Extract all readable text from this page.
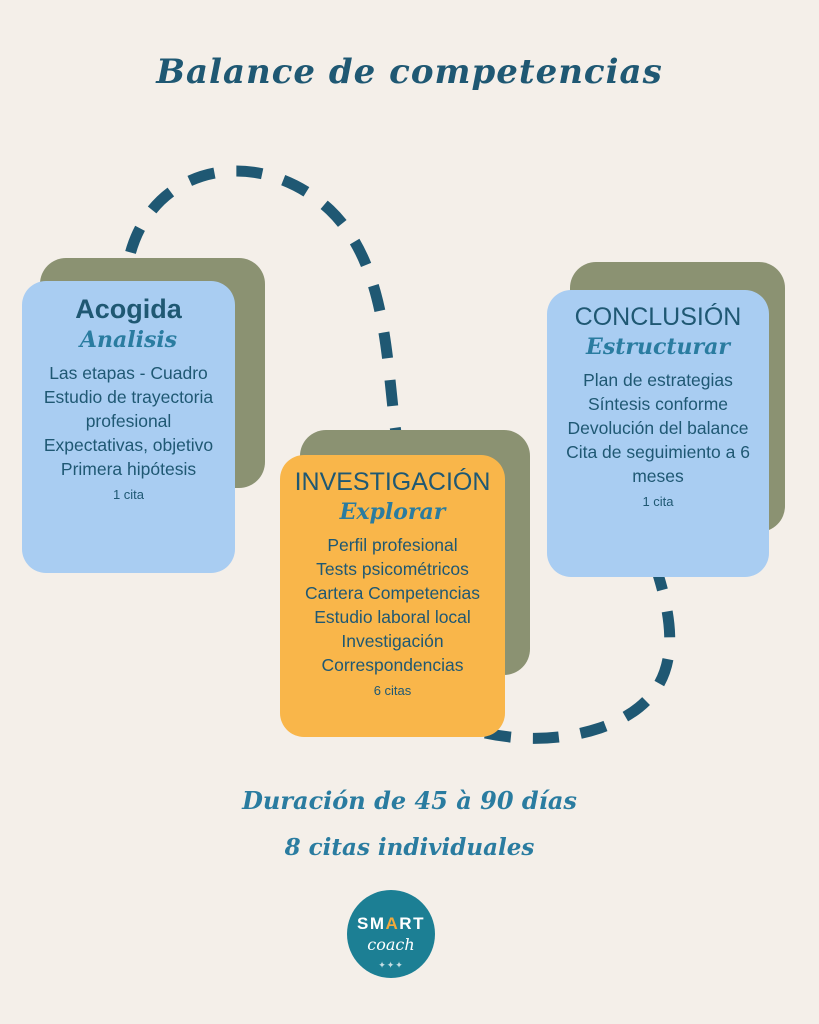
Balance de competencias
Acogida
Analisis
Las etapas - Cuadro
Estudio de trayectoria profesional
Expectativas, objetivo
Primera hipótesis
1 cita	INVESTIGACIÓN
Explorar
Perfil profesional
Tests psicométricos
Cartera Competencias
Estudio laboral local
Investigación
Correspondencias
6 citas
CONCLUSIÓN
Estructurar
Plan de estrategias
Síntesis conforme
Devolución del balance
Cita de seguimiento a 6 meses
1 cita
Duración de 45 à 90 días
8 citas individuales
SMART
coach
✦✦✦
